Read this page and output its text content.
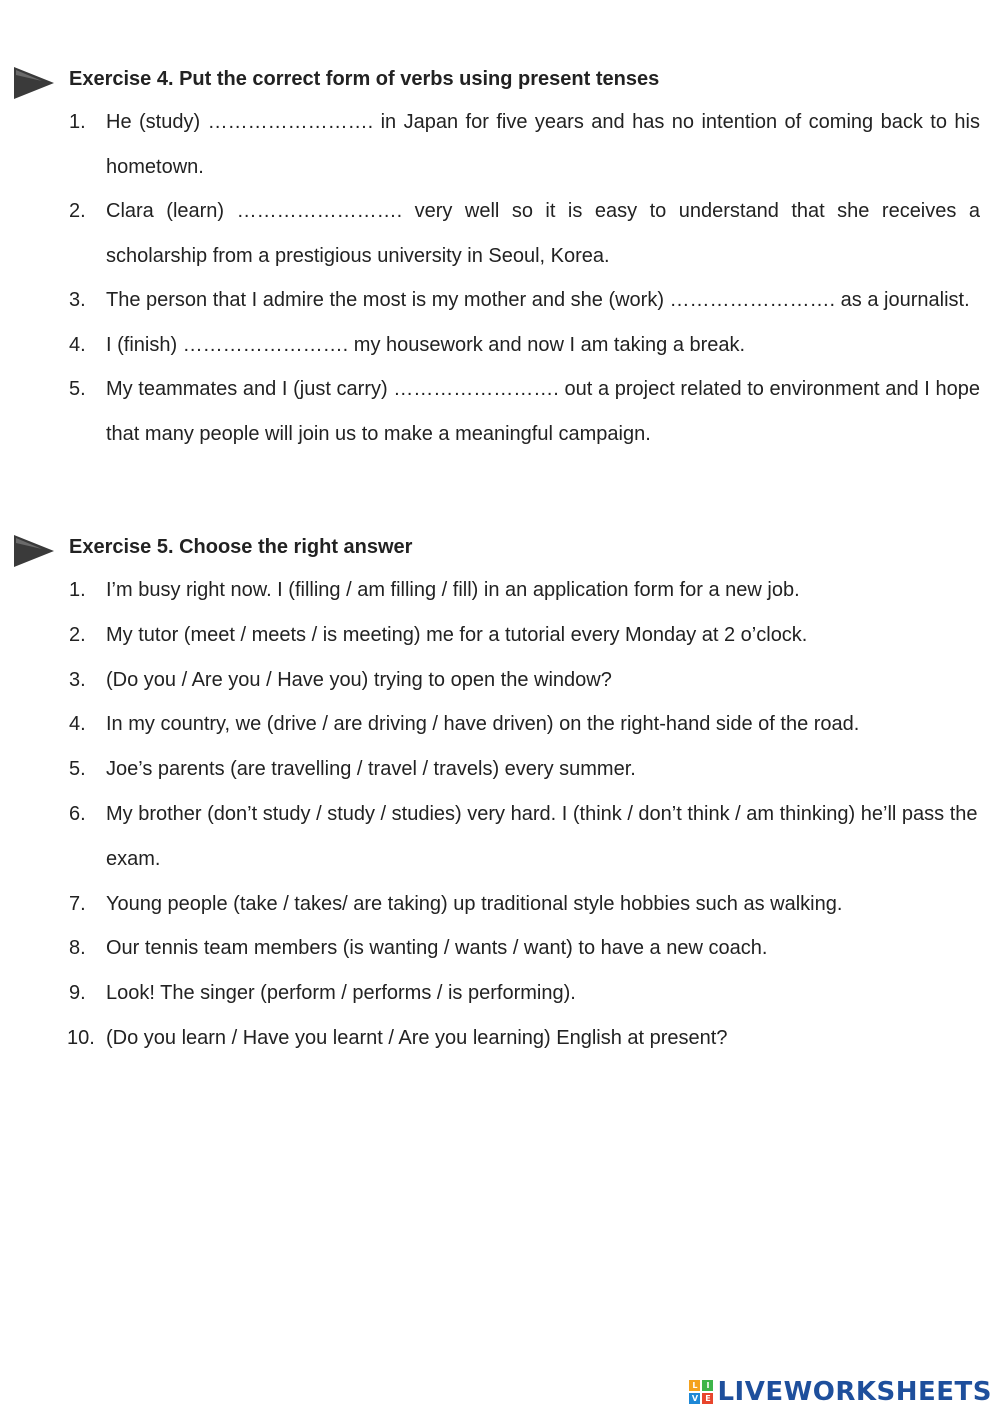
Exercise 4. Put the correct form of verbs using present tenses
1. He (study) ……………………. in Japan for five years and has no intention of coming back to his hometown.
2. Clara (learn) ……………………. very well so it is easy to understand that she receives a scholarship from a prestigious university in Seoul, Korea.
3. The person that I admire the most is my mother and she (work) ……………………. as a journalist.
4. I (finish) ……………………. my housework and now I am taking a break.
5. My teammates and I (just carry) ……………………. out a project related to environment and I hope that many people will join us to make a meaningful campaign.
Exercise 5. Choose the right answer
1. I’m busy right now. I (filling / am filling / fill) in an application form for a new job.
2. My tutor (meet / meets / is meeting) me for a tutorial every Monday at 2 o’clock.
3. (Do you / Are you / Have you) trying to open the window?
4. In my country, we (drive / are driving / have driven) on the right-hand side of the road.
5. Joe’s parents (are travelling / travel / travels) every summer.
6. My brother (don’t study / study / studies) very hard. I (think / don’t think / am thinking) he’ll pass the exam.
7. Young people (take / takes/ are taking) up traditional style hobbies such as walking.
8. Our tennis team members (is wanting / wants / want) to have a new coach.
9. Look! The singer (perform / performs / is performing).
10. (Do you learn / Have you learnt / Are you learning) English at present?
L	I
V E LIVEWORKSHEETS
